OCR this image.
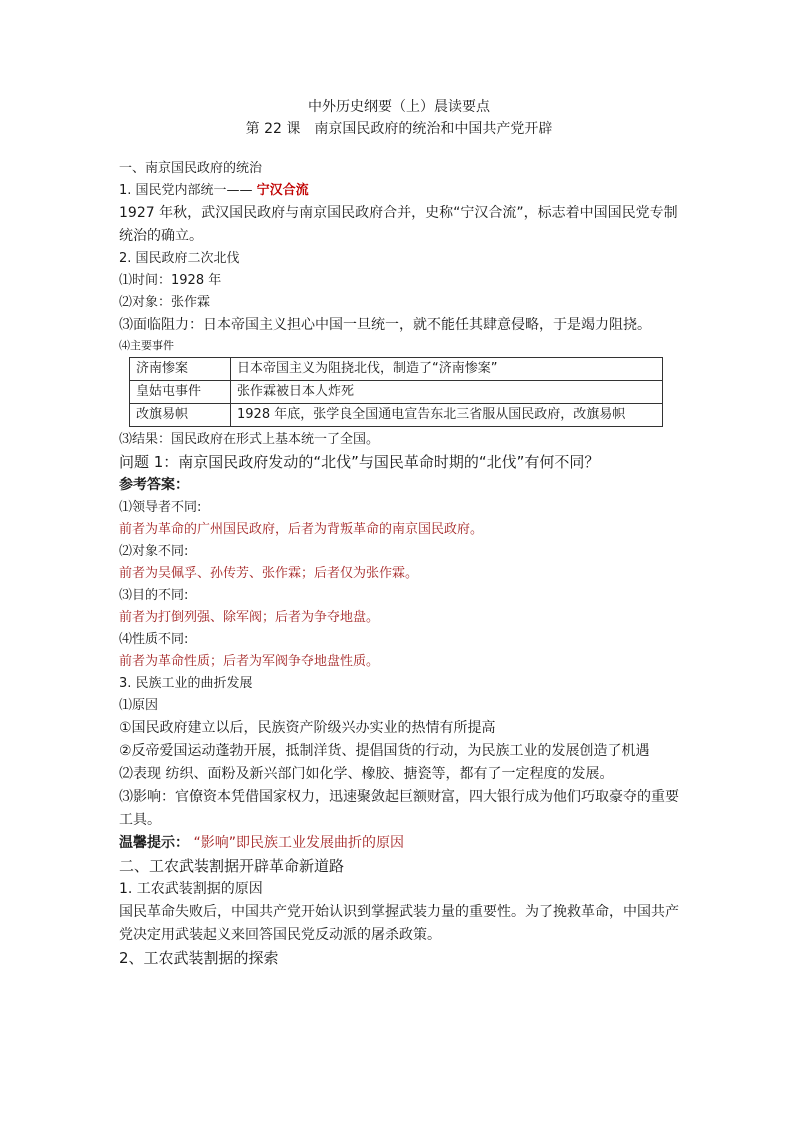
中外历史纲要（上）晨读要点
第 22 课　南京国民政府的统治和中国共产党开辟
一、南京国民政府的统治
1. 国民党内部统一—— 宁汉合流
1927 年秋，武汉国民政府与南京国民政府合并，史称“宁汉合流”，标志着中国国民党专制统治的确立。
2. 国民政府二次北伐
⑴时间：1928 年
⑵对象：张作霖
⑶面临阻力：日本帝国主义担心中国一旦统一，就不能任其肆意侵略，于是竭力阻挠。
⑷主要事件
济南惨案	日本帝国主义为阻挠北伐，制造了“济南惨案”
皇姑屯事件	张作霖被日本人炸死
改旗易帜	1928 年底，张学良全国通电宣告东北三省服从国民政府，改旗易帜
⑶结果：国民政府在形式上基本统一了全国。
问题 1：南京国民政府发动的“北伐”与国民革命时期的“北伐”有何不同？
参考答案：
⑴领导者不同:
前者为革命的广州国民政府，后者为背叛革命的南京国民政府。
⑵对象不同:
前者为吴佩孚、孙传芳、张作霖；后者仅为张作霖。
⑶目的不同:
前者为打倒列强、除军阀；后者为争夺地盘。
⑷性质不同:
前者为革命性质；后者为军阀争夺地盘性质。
3. 民族工业的曲折发展
⑴原因
①国民政府建立以后，民族资产阶级兴办实业的热情有所提高
②反帝爱国运动蓬勃开展，抵制洋货、提倡国货的行动，为民族工业的发展创造了机遇
⑵表现 纺织、面粉及新兴部门如化学、橡胶、搪瓷等，都有了一定程度的发展。
⑶影响：官僚资本凭借国家权力，迅速聚敛起巨额财富，四大银行成为他们巧取豪夺的重要工具。
温馨提示： “影响”即民族工业发展曲折的原因
二、工农武装割据开辟革命新道路
1. 工农武装割据的原因
国民革命失败后，中国共产党开始认识到掌握武装力量的重要性。为了挽救革命，中国共产党决定用武装起义来回答国民党反动派的屠杀政策。
2、工农武装割据的探索
